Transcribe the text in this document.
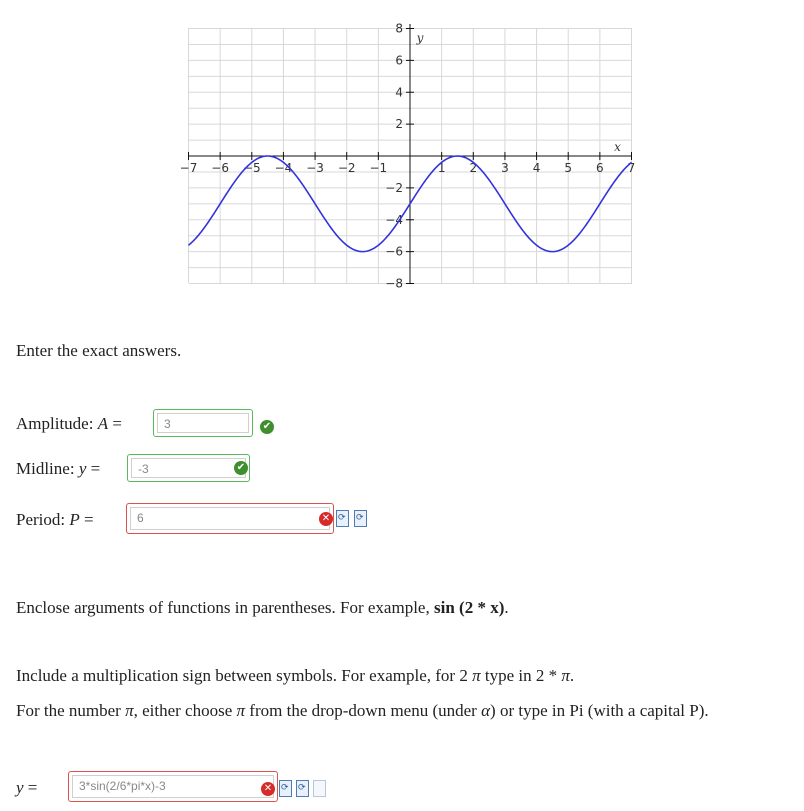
−7 −6 −5 −4 −3 −2 −1	1 2 3 4 5 6 7
8
6
4
2
−2
−4
−6
−8
x
y
Enter the exact answers.
Amplitude: A =	3	✔
Midline: y =	-3	✔
Period: P =	6	✕ ⟳ ⟳
Enclose arguments of functions in parentheses. For example, sin (2 * x).
Include a multiplication sign between symbols. For example, for 2 π type in 2 * π.
For the number π, either choose π from the drop-down menu (under α) or type in Pi (with a capital P).
y =	3*sin(2/6*pi*x)-3	✕ ⟳ ⟳
